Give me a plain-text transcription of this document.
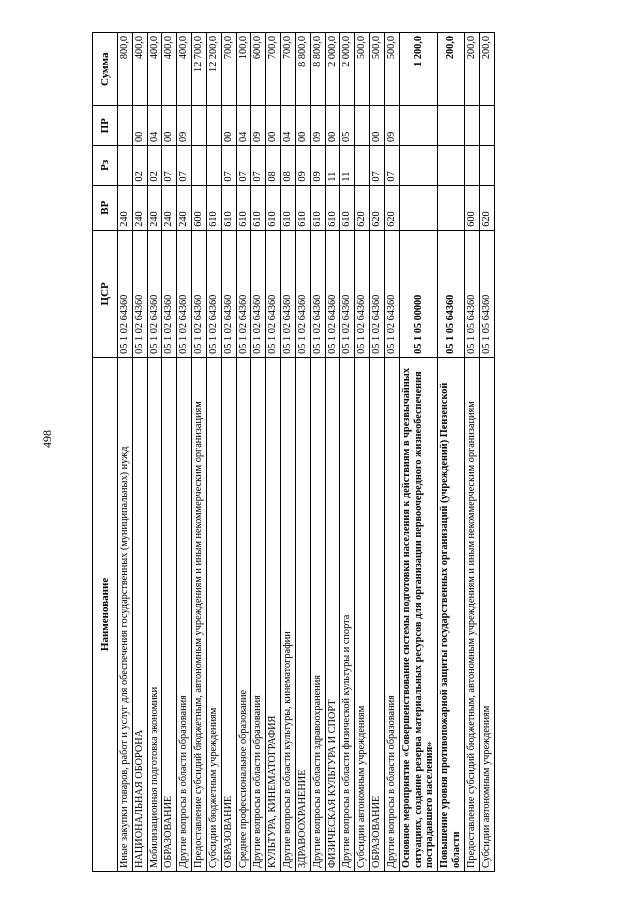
498
Наименование	ЦСР	ВР	Рз	ПР	Сумма
Иные закупки товаров, работ и услуг для обеспечения государственных (муниципальных) нужд	05 1 02 64360	240			800,0
НАЦИОНАЛЬНАЯ ОБОРОНА	05 1 02 64360	240	02	00	400,0
Мобилизационная подготовка экономики	05 1 02 64360	240	02	04	400,0
ОБРАЗОВАНИЕ	05 1 02 64360	240	07	00	400,0
Другие вопросы в области образования	05 1 02 64360	240	07	09	400,0
Предоставление субсидий бюджетным, автономным учреждениям и иным некоммерческим организациям	05 1 02 64360	600			12 700,0
Субсидии бюджетным учреждениям	05 1 02 64360	610			12 200,0
ОБРАЗОВАНИЕ	05 1 02 64360	610	07	00	700,0
Среднее профессиональное образование	05 1 02 64360	610	07	04	100,0
Другие вопросы в области образования	05 1 02 64360	610	07	09	600,0
КУЛЬТУРА, КИНЕМАТОГРАФИЯ	05 1 02 64360	610	08	00	700,0
Другие вопросы в области культуры, кинематографии	05 1 02 64360	610	08	04	700,0
ЗДРАВООХРАНЕНИЕ	05 1 02 64360	610	09	00	8 800,0
Другие вопросы в области здравоохранения	05 1 02 64360	610	09	09	8 800,0
ФИЗИЧЕСКАЯ КУЛЬТУРА И СПОРТ	05 1 02 64360	610	11	00	2 000,0
Другие вопросы в области физической культуры и спорта	05 1 02 64360	610	11	05	2 000,0
Субсидии автономным учреждениям	05 1 02 64360	620			500,0
ОБРАЗОВАНИЕ	05 1 02 64360	620	07	00	500,0
Другие вопросы в области образования	05 1 02 64360	620	07	09	500,0
Основное мероприятие «Совершенствование системы подготовки населения к действиям в чрезвычайных ситуациях, создание резерва материальных ресурсов для организации первоочередного жизнеобеспечения пострадавшего населения»	05 1 05 00000				1 200,0
Повышение уровня противопожарной защиты государственных организаций (учреждений) Пензенской области	05 1 05 64360				200,0
Предоставление субсидий бюджетным, автономным учреждениям и иным некоммерческим организациям	05 1 05 64360	600			200,0
Субсидии автономным учреждениям	05 1 05 64360	620			200,0
